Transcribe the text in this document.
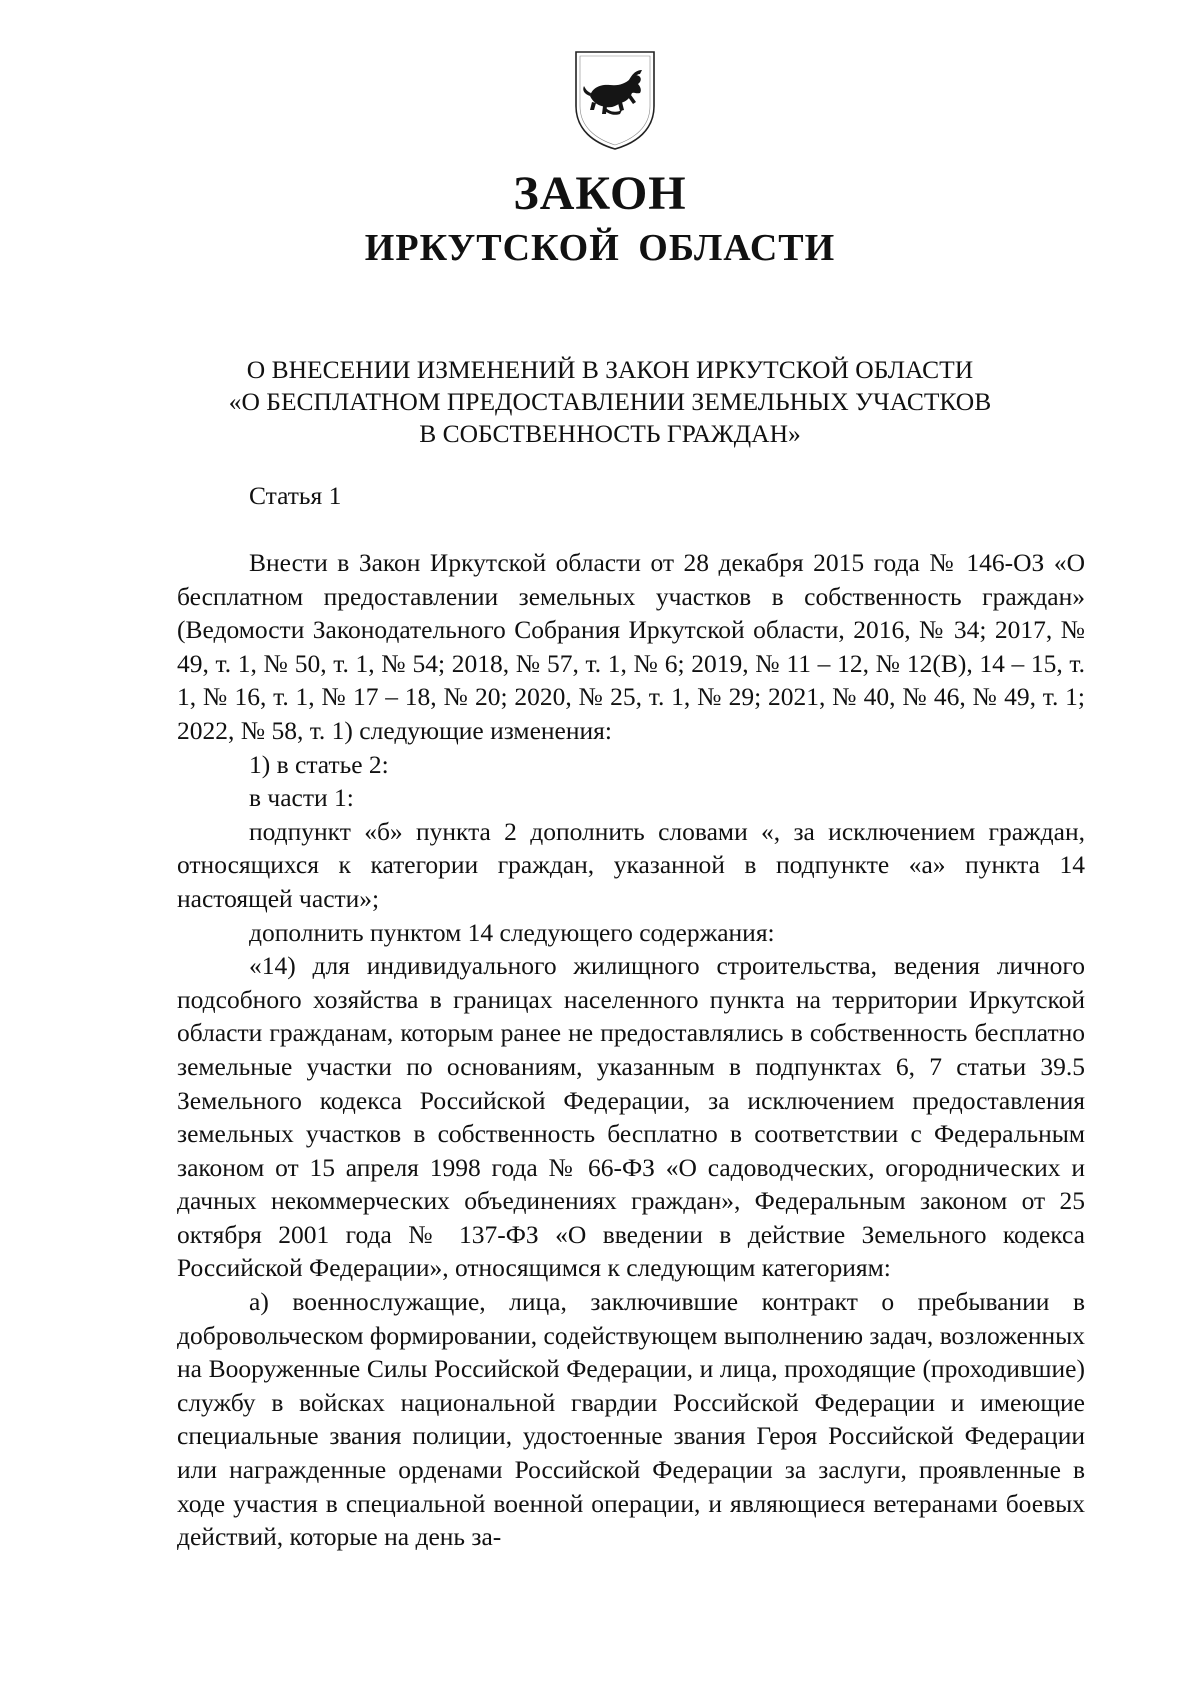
ЗАКОН
ИРКУТСКОЙ ОБЛАСТИ
О ВНЕСЕНИИ ИЗМЕНЕНИЙ В ЗАКОН ИРКУТСКОЙ ОБЛАСТИ
«О БЕСПЛАТНОМ ПРЕДОСТАВЛЕНИИ ЗЕМЕЛЬНЫХ УЧАСТКОВ
В СОБСТВЕННОСТЬ ГРАЖДАН»
Статья 1

Внести в Закон Иркутской области от 28 декабря 2015 года № 146-ОЗ «О бесплатном предоставлении земельных участков в собственность граждан» (Ведомости Законодательного Собрания Иркутской области, 2016, № 34; 2017, № 49, т. 1, № 50, т. 1, № 54; 2018, № 57, т. 1, № 6; 2019, № 11 – 12, № 12(В), 14 – 15, т. 1, № 16, т. 1, № 17 – 18, № 20; 2020, № 25, т. 1, № 29; 2021, № 40, № 46, № 49, т. 1; 2022, № 58, т. 1) следующие изменения:

1) в статье 2:

в части 1:

подпункт «б» пункта 2 дополнить словами «, за исключением граждан, относящихся к категории граждан, указанной в подпункте «а» пункта 14 настоящей части»;

дополнить пунктом 14 следующего содержания:

«14) для индивидуального жилищного строительства, ведения личного подсобного хозяйства в границах населенного пункта на территории Иркутской области гражданам, которым ранее не предоставлялись в собственность бесплатно земельные участки по основаниям, указанным в подпунктах 6, 7 статьи 39.5 Земельного кодекса Российской Федерации, за исключением предоставления земельных участков в собственность бесплатно в соответствии с Федеральным законом от 15 апреля 1998 года № 66-ФЗ «О садоводческих, огороднических и дачных некоммерческих объединениях граждан», Федеральным законом от 25 октября 2001 года № 137-ФЗ «О введении в действие Земельного кодекса Российской Федерации», относящимся к следующим категориям:

а) военнослужащие, лица, заключившие контракт о пребывании в добровольческом формировании, содействующем выполнению задач, возложенных на Вооруженные Силы Российской Федерации, и лица, проходящие (проходившие) службу в войсках национальной гвардии Российской Федерации и имеющие специальные звания полиции, удостоенные звания Героя Российской Федерации или награжденные орденами Российской Федерации за заслуги, проявленные в ходе участия в специальной военной операции, и являющиеся ветеранами боевых действий, которые на день за-
